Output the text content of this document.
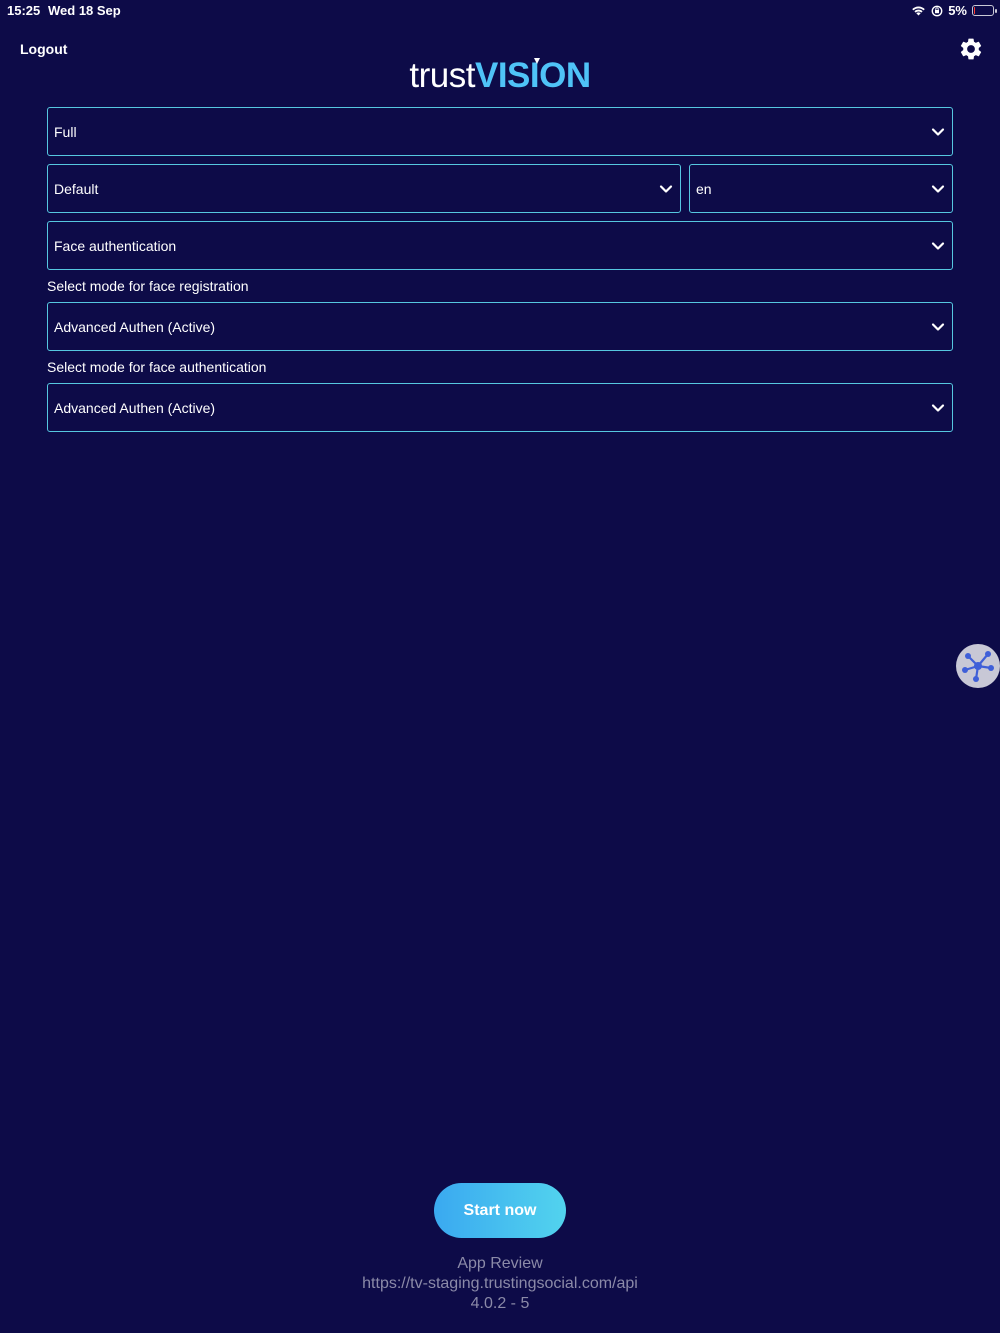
15:25 Wed 18 Sep	5%
Logout
trustVISION
Full
Default	en
Face authentication
Select mode for face registration
Advanced Authen (Active)
Select mode for face authentication
Advanced Authen (Active)
Start now
App Review
https://tv-staging.trustingsocial.com/api
4.0.2 - 5
